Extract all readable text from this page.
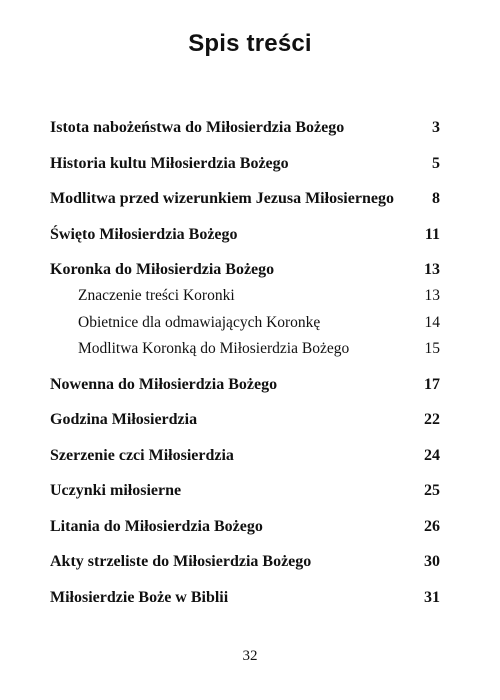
Spis treści
Istota nabożeństwa do Miłosierdzia Bożego	3
Historia kultu Miłosierdzia Bożego	5
Modlitwa przed wizerunkiem Jezusa Miłosiernego 8
Święto Miłosierdzia Bożego	11
Koronka do Miłosierdzia Bożego	13
Znaczenie treści Koronki	13
Obietnice dla odmawiających Koronkę	14
Modlitwa Koronką do Miłosierdzia Bożego	15
Nowenna do Miłosierdzia Bożego	17
Godzina Miłosierdzia	22
Szerzenie czci Miłosierdzia	24
Uczynki miłosierne	25
Litania do Miłosierdzia Bożego	26
Akty strzeliste do Miłosierdzia Bożego	30
Miłosierdzie Boże w Biblii	31
32
